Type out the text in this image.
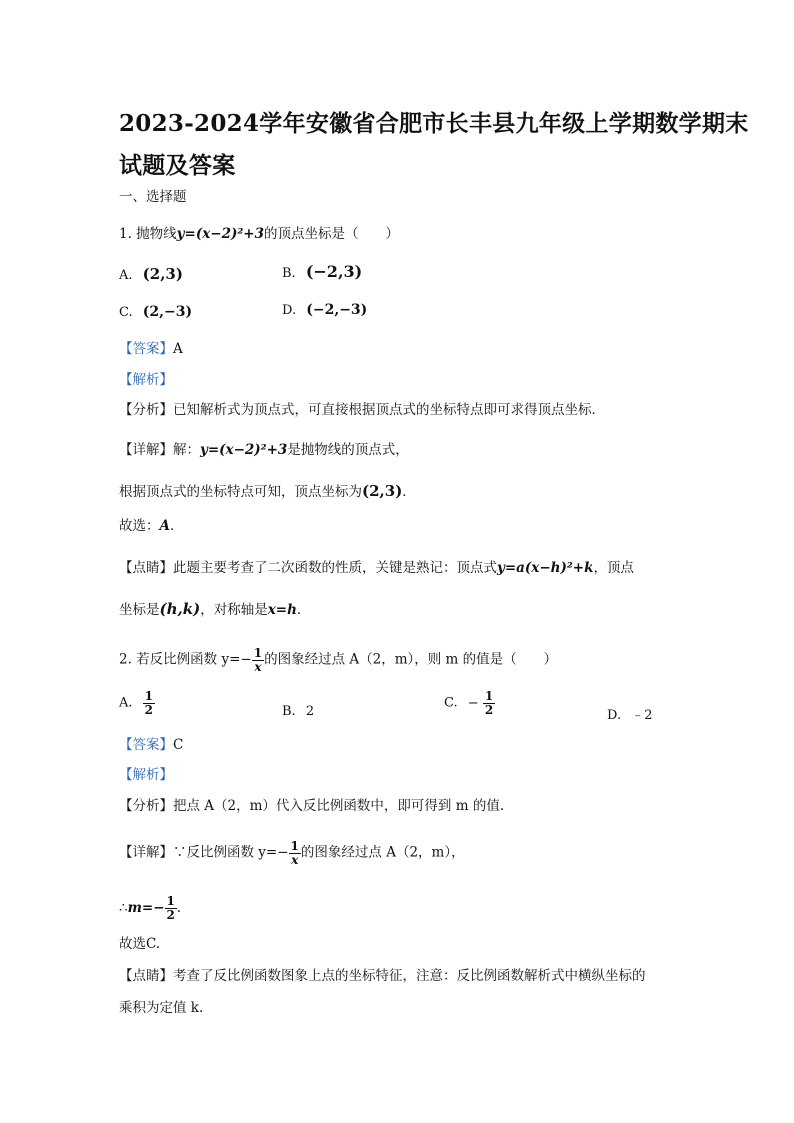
2023-2024学年安徽省合肥市长丰县九年级上学期数学期末
试题及答案
一、选择题
1. 抛物线y=(x−2)²+3的顶点坐标是（　　）
A. (2,3)	B. (−2,3)
C. (2,−3)	D. (−2,−3)
【答案】A
【解析】
【分析】已知解析式为顶点式，可直接根据顶点式的坐标特点即可求得顶点坐标．
【详解】解：y=(x−2)²+3是抛物线的顶点式，
根据顶点式的坐标特点可知，顶点坐标为(2,3)．
故选：A．
【点睛】此题主要考查了二次函数的性质，关键是熟记：顶点式y=a(x−h)²+k，顶点
坐标是(h,k)，对称轴是x=h．
2. 若反比例函数 $y=- \frac{1}{x}$ 的图象经过点 A（2，m），则 m 的值是（　　）
A. $\frac{1}{2}$	B. 2
C. − $\frac{1}{2}$	D. ﹣2
【答案】C
【解析】
【分析】把点 A（2，m）代入反比例函数中，即可得到 m 的值.
【详解】∵反比例函数 $y=- \frac{1}{x}$ 的图象经过点 A（2，m），
∴m=− $\frac{1}{2}$ ．
故选C.
【点睛】考查了反比例函数图象上点的坐标特征，注意：反比例函数解析式中横纵坐标的
乘积为定值 k.
